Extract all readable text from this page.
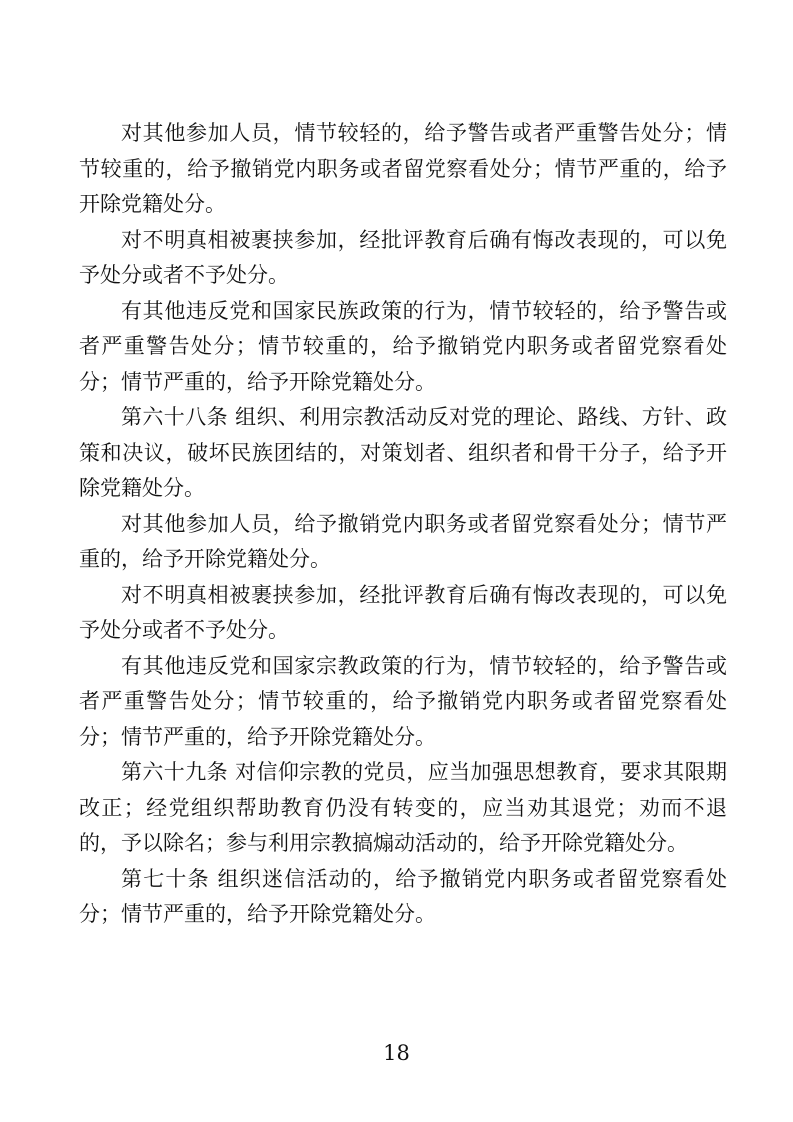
对其他参加人员，情节较轻的，给予警告或者严重警告处分；情节较重的，给予撤销党内职务或者留党察看处分；情节严重的，给予开除党籍处分。

对不明真相被裹挟参加，经批评教育后确有悔改表现的，可以免予处分或者不予处分。

有其他违反党和国家民族政策的行为，情节较轻的，给予警告或者严重警告处分；情节较重的，给予撤销党内职务或者留党察看处分；情节严重的，给予开除党籍处分。

第六十八条 组织、利用宗教活动反对党的理论、路线、方针、政策和决议，破坏民族团结的，对策划者、组织者和骨干分子，给予开除党籍处分。

对其他参加人员，给予撤销党内职务或者留党察看处分；情节严重的，给予开除党籍处分。

对不明真相被裹挟参加，经批评教育后确有悔改表现的，可以免予处分或者不予处分。

有其他违反党和国家宗教政策的行为，情节较轻的，给予警告或者严重警告处分；情节较重的，给予撤销党内职务或者留党察看处分；情节严重的，给予开除党籍处分。

第六十九条 对信仰宗教的党员，应当加强思想教育，要求其限期改正；经党组织帮助教育仍没有转变的，应当劝其退党；劝而不退的，予以除名；参与利用宗教搞煽动活动的，给予开除党籍处分。

第七十条 组织迷信活动的，给予撤销党内职务或者留党察看处分；情节严重的，给予开除党籍处分。

18
